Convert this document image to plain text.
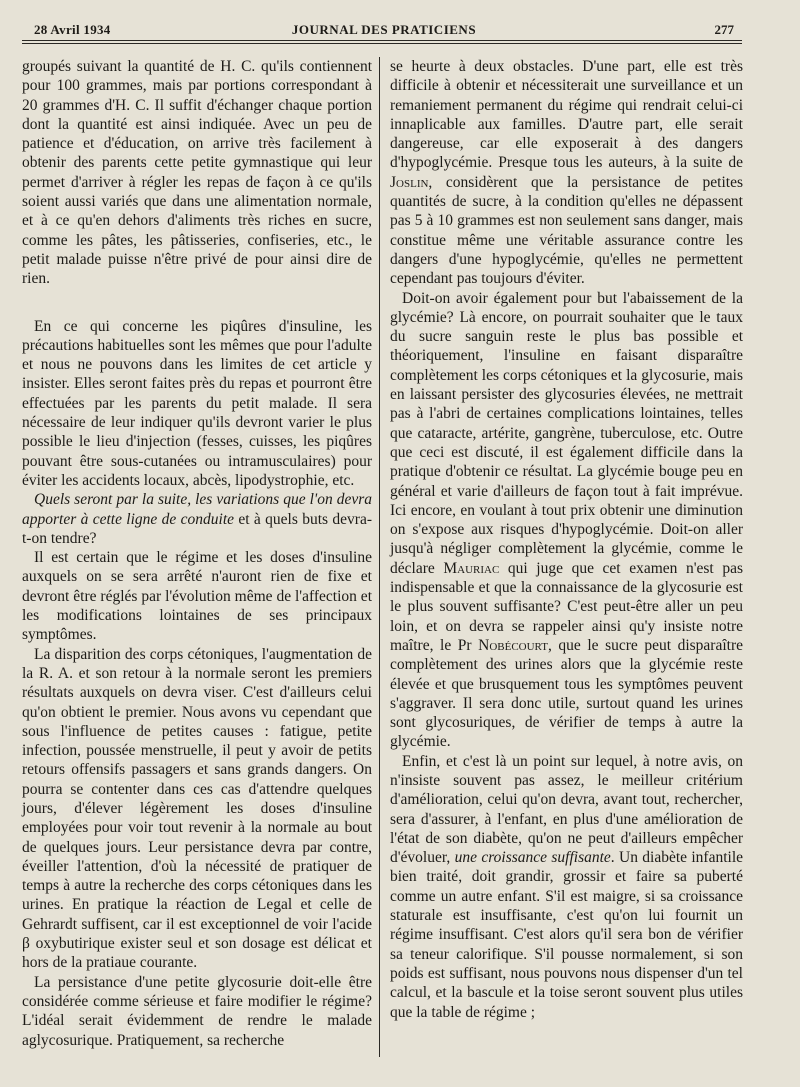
28 Avril 1934	JOURNAL DES PRATICIENS	277

groupés suivant la quantité de H. C. qu'ils contiennent pour 100 grammes, mais par portions correspondant à 20 grammes d'H. C. Il suffit d'échanger chaque portion dont la quantité est ainsi indiquée. Avec un peu de patience et d'éducation, on arrive très facilement à obtenir des parents cette petite gymnastique qui leur permet d'arriver à régler les repas de façon à ce qu'ils soient aussi variés que dans une alimentation normale, et à ce qu'en dehors d'aliments très riches en sucre, comme les pâtes, les pâtisseries, confiseries, etc., le petit malade puisse n'être privé de pour ainsi dire de rien.

En ce qui concerne les piqûres d'insuline, les précautions habituelles sont les mêmes que pour l'adulte et nous ne pouvons dans les limites de cet article y insister. Elles seront faites près du repas et pourront être effectuées par les parents du petit malade. Il sera nécessaire de leur indiquer qu'ils devront varier le plus possible le lieu d'injection (fesses, cuisses, les piqûres pouvant être sous-cutanées ou intramusculaires) pour éviter les accidents locaux, abcès, lipodystrophie, etc.

Quels seront par la suite, les variations que l'on devra apporter à cette ligne de conduite et à quels buts devra-t-on tendre?

Il est certain que le régime et les doses d'insuline auxquels on se sera arrêté n'auront rien de fixe et devront être réglés par l'évolution même de l'affection et les modifications lointaines de ses principaux symptômes.

La disparition des corps cétoniques, l'augmentation de la R. A. et son retour à la normale seront les premiers résultats auxquels on devra viser. C'est d'ailleurs celui qu'on obtient le premier. Nous avons vu cependant que sous l'influence de petites causes : fatigue, petite infection, poussée menstruelle, il peut y avoir de petits retours offensifs passagers et sans grands dangers. On pourra se contenter dans ces cas d'attendre quelques jours, d'élever légèrement les doses d'insuline employées pour voir tout revenir à la normale au bout de quelques jours. Leur persistance devra par contre, éveiller l'attention, d'où la nécessité de pratiquer de temps à autre la recherche des corps cétoniques dans les urines. En pratique la réaction de Legal et celle de Gehrardt suffisent, car il est exceptionnel de voir l'acide β oxybutirique exister seul et son dosage est délicat et hors de la pratiaue courante.

La persistance d'une petite glycosurie doit-elle être considérée comme sérieuse et faire modifier le régime? L'idéal serait évidemment de rendre le malade aglycosurique. Pratiquement, sa recherche

se heurte à deux obstacles. D'une part, elle est très difficile à obtenir et nécessiterait une surveillance et un remaniement permanent du régime qui rendrait celui-ci innaplicable aux familles. D'autre part, elle serait dangereuse, car elle exposerait à des dangers d'hypoglycémie. Presque tous les auteurs, à la suite de Joslin, considèrent que la persistance de petites quantités de sucre, à la condition qu'elles ne dépassent pas 5 à 10 grammes est non seulement sans danger, mais constitue même une véritable assurance contre les dangers d'une hypoglycémie, qu'elles ne permettent cependant pas toujours d'éviter.

Doit-on avoir également pour but l'abaissement de la glycémie? Là encore, on pourrait souhaiter que le taux du sucre sanguin reste le plus bas possible et théoriquement, l'insuline en faisant disparaître complètement les corps cétoniques et la glycosurie, mais en laissant persister des glycosuries élevées, ne mettrait pas à l'abri de certaines complications lointaines, telles que cataracte, artérite, gangrène, tuberculose, etc. Outre que ceci est discuté, il est également difficile dans la pratique d'obtenir ce résultat. La glycémie bouge peu en général et varie d'ailleurs de façon tout à fait imprévue. Ici encore, en voulant à tout prix obtenir une diminution on s'expose aux risques d'hypoglycémie. Doit-on aller jusqu'à négliger complètement la glycémie, comme le déclare Mauriac qui juge que cet examen n'est pas indispensable et que la connaissance de la glycosurie est le plus souvent suffisante? C'est peut-être aller un peu loin, et on devra se rappeler ainsi qu'y insiste notre maître, le Pr Nobécourt, que le sucre peut disparaître complètement des urines alors que la glycémie reste élevée et que brusquement tous les symptômes peuvent s'aggraver. Il sera donc utile, surtout quand les urines sont glycosuriques, de vérifier de temps à autre la glycémie.

Enfin, et c'est là un point sur lequel, à notre avis, on n'insiste souvent pas assez, le meilleur critérium d'amélioration, celui qu'on devra, avant tout, rechercher, sera d'assurer, à l'enfant, en plus d'une amélioration de l'état de son diabète, qu'on ne peut d'ailleurs empêcher d'évoluer, une croissance suffisante. Un diabète infantile bien traité, doit grandir, grossir et faire sa puberté comme un autre enfant. S'il est maigre, si sa croissance staturale est insuffisante, c'est qu'on lui fournit un régime insuffisant. C'est alors qu'il sera bon de vérifier sa teneur calorifique. S'il pousse normalement, si son poids est suffisant, nous pouvons nous dispenser d'un tel calcul, et la bascule et la toise seront souvent plus utiles que la table de régime ;
